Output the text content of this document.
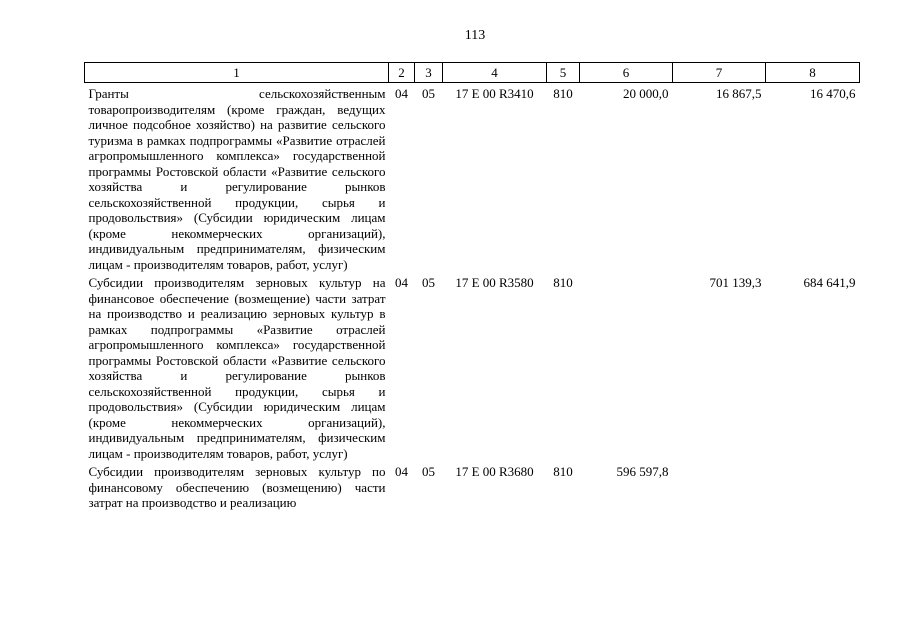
113
1	2	3	4	5	6	7	8
Гранты сельскохозяйственным товаропроизводителям (кроме граждан, ведущих личное подсобное хозяйство) на развитие сельского туризма в рамках подпрограммы «Развитие отраслей агропромышленного комплекса» государственной программы Ростовской области «Развитие сельского хозяйства и регулирование рынков сельскохозяйственной продукции, сырья и продовольствия» (Субсидии юридическим лицам (кроме некоммерческих организаций), индивидуальным предпринимателям, физическим лицам - производителям товаров, работ, услуг)	04	05	17 Е 00 R3410	810	20 000,0	16 867,5	16 470,6
Субсидии производителям зерновых культур на финансовое обеспечение (возмещение) части затрат на производство и реализацию зерновых культур в рамках подпрограммы «Развитие отраслей агропромышленного комплекса» государственной программы Ростовской области «Развитие сельского хозяйства и регулирование рынков сельскохозяйственной продукции, сырья и продовольствия» (Субсидии юридическим лицам (кроме некоммерческих организаций), индивидуальным предпринимателям, физическим лицам - производителям товаров, работ, услуг)	04	05	17 Е 00 R3580	810		701 139,3	684 641,9
Субсидии производителям зерновых культур по финансовому обеспечению (возмещению) части затрат на производство и реализацию	04	05	17 Е 00 R3680	810	596 597,8		
